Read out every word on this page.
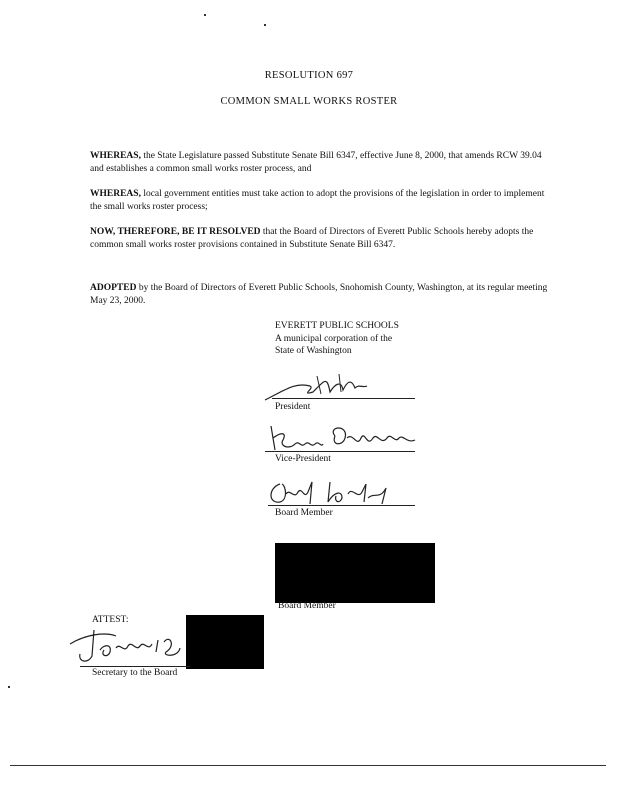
RESOLUTION 697
COMMON SMALL WORKS ROSTER
WHEREAS, the State Legislature passed Substitute Senate Bill 6347, effective June 8, 2000, that amends RCW 39.04 and establishes a common small works roster process, and
WHEREAS, local government entities must take action to adopt the provisions of the legislation in order to implement the small works roster process;
NOW, THEREFORE, BE IT RESOLVED that the Board of Directors of Everett Public Schools hereby adopts the common small works roster provisions contained in Substitute Senate Bill 6347.
ADOPTED by the Board of Directors of Everett Public Schools, Snohomish County, Washington, at its regular meeting May 23, 2000.
EVERETT PUBLIC SCHOOLS
A municipal corporation of the
State of Washington
President
Vice-President
Board Member
Board Member
ATTEST:
Secretary to the Board
